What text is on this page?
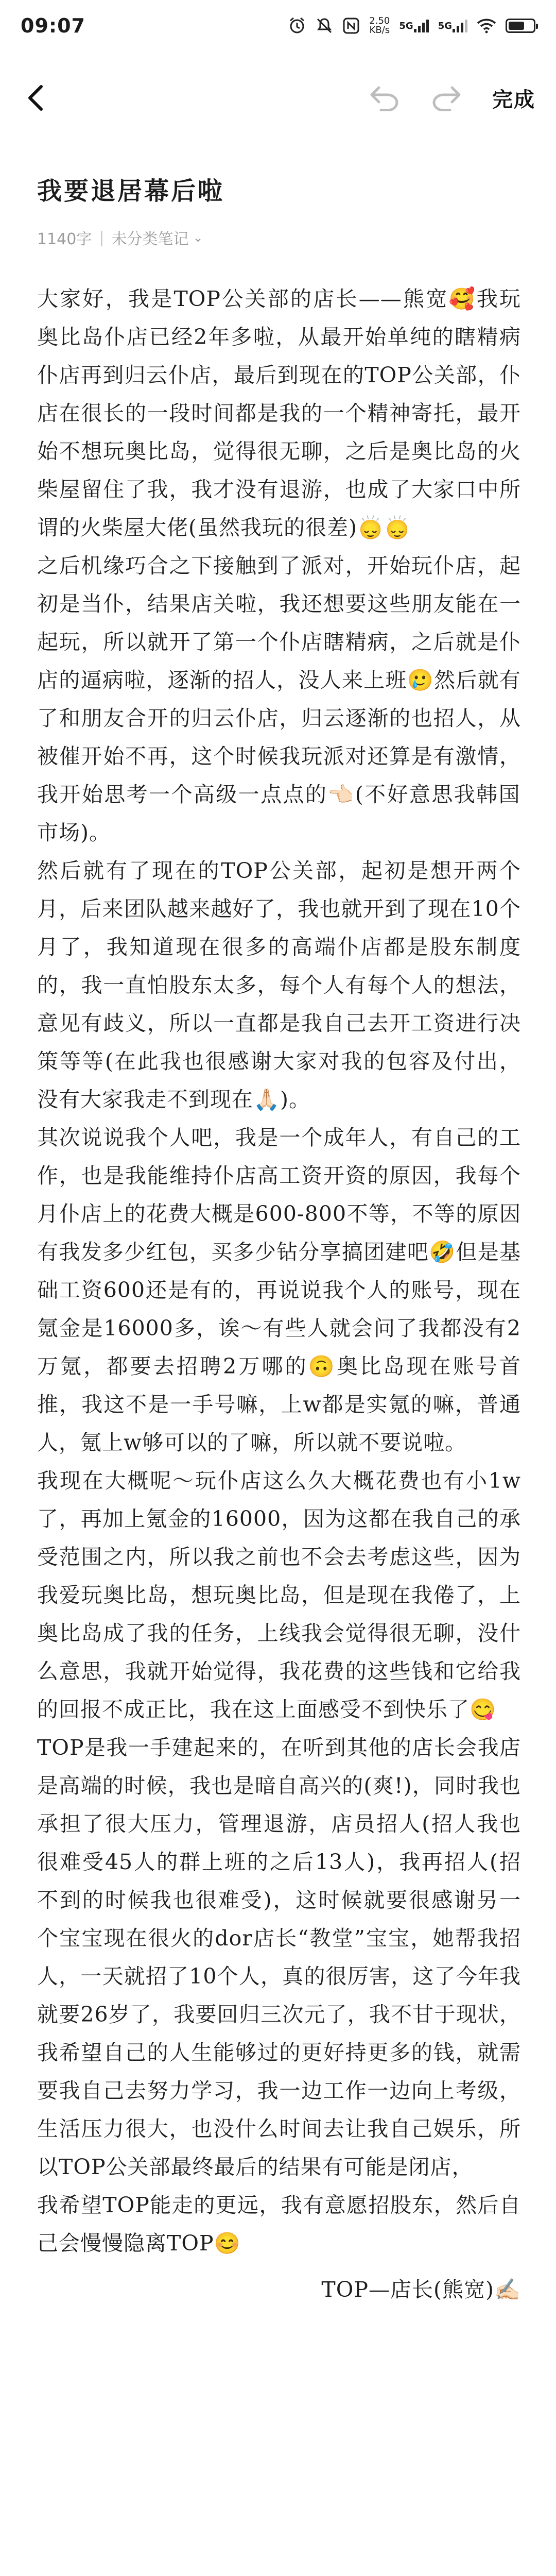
09:07	2.50
KB/s 5G	5G
完成
我要退居幕后啦
1140字 | 未分类笔记 ⌄

大家好，我是TOP公关部的店长——熊宽🥰我玩奥比岛仆店已经2年多啦，从最开始单纯的瞎精病仆店再到归云仆店，最后到现在的TOP公关部，仆店在很长的一段时间都是我的一个精神寄托，最开始不想玩奥比岛，觉得很无聊，之后是奥比岛的火柴屋留住了我，我才没有退游，也成了大家口中所谓的火柴屋大佬(虽然我玩的很差)🙂‍↕️🙂‍↕️

之后机缘巧合之下接触到了派对，开始玩仆店，起初是当仆，结果店关啦，我还想要这些朋友能在一起玩，所以就开了第一个仆店瞎精病，之后就是仆店的逼病啦，逐渐的招人，没人来上班🥲然后就有了和朋友合开的归云仆店，归云逐渐的也招人，从被催开始不再，这个时候我玩派对还算是有激情，我开始思考一个高级一点点的👈🏻(不好意思我韩国市场)。

然后就有了现在的TOP公关部，起初是想开两个月，后来团队越来越好了，我也就开到了现在10个月了，我知道现在很多的高端仆店都是股东制度的，我一直怕股东太多，每个人有每个人的想法，意见有歧义，所以一直都是我自己去开工资进行决策等等(在此我也很感谢大家对我的包容及付出，没有大家我走不到现在🙏🏻)。

其次说说我个人吧，我是一个成年人，有自己的工作，也是我能维持仆店高工资开资的原因，我每个月仆店上的花费大概是600-800不等，不等的原因有我发多少红包，买多少钻分享搞团建吧🤣但是基础工资600还是有的，再说说我个人的账号，现在氪金是16000多，诶～有些人就会问了我都没有2万氪，都要去招聘2万哪的🙃奥比岛现在账号首推，我这不是一手号嘛，上w都是实氪的嘛，普通人，氪上w够可以的了嘛，所以就不要说啦。

我现在大概呢～玩仆店这么久大概花费也有小1w了，再加上氪金的16000，因为这都在我自己的承受范围之内，所以我之前也不会去考虑这些，因为我爱玩奥比岛，想玩奥比岛，但是现在我倦了，上奥比岛成了我的任务，上线我会觉得很无聊，没什么意思，我就开始觉得，我花费的这些钱和它给我的回报不成正比，我在这上面感受不到快乐了😋

TOP是我一手建起来的，在听到其他的店长会我店是高端的时候，我也是暗自高兴的(爽!)，同时我也承担了很大压力，管理退游，店员招人(招人我也很难受45人的群上班的之后13人)，我再招人(招不到的时候我也很难受)，这时候就要很感谢另一个宝宝现在很火的dor店长“教堂”宝宝，她帮我招人，一天就招了10个人，真的很厉害，这了今年我就要26岁了，我要回归三次元了，我不甘于现状，我希望自己的人生能够过的更好持更多的钱，就需要我自己去努力学习，我一边工作一边向上考级，生活压力很大，也没什么时间去让我自己娱乐，所以TOP公关部最终最后的结果有可能是闭店，

我希望TOP能走的更远，我有意愿招股东，然后自己会慢慢隐离TOP😊

TOP—店长(熊宽)✍🏻
